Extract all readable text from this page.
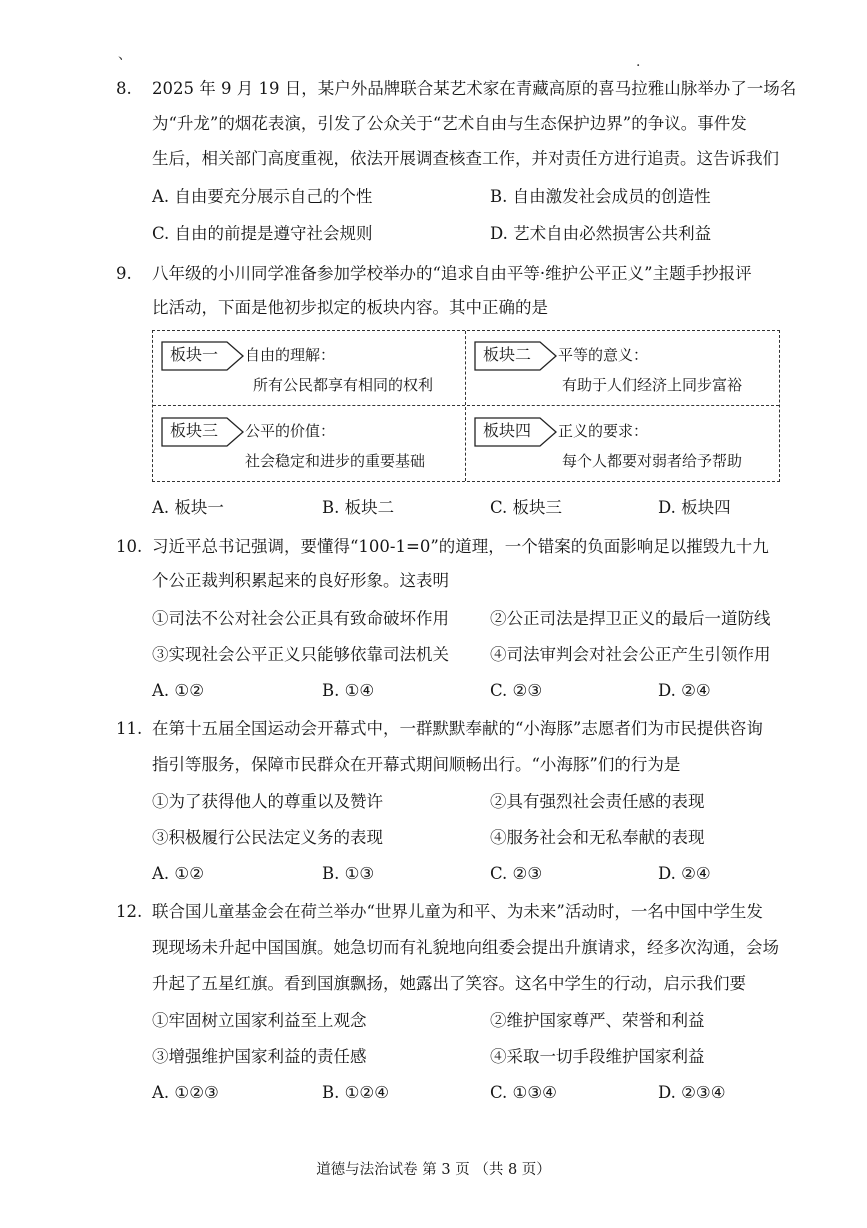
、
·
8. 2025 年 9 月 19 日，某户外品牌联合某艺术家在青藏高原的喜马拉雅山脉举办了一场名
为“升龙”的烟花表演，引发了公众关于“艺术自由与生态保护边界”的争议。事件发
生后，相关部门高度重视，依法开展调查核查工作，并对责任方进行追责。这告诉我们
A. 自由要充分展示自己的个性	B. 自由激发社会成员的创造性
C. 自由的前提是遵守社会规则	D. 艺术自由必然损害公共利益
9. 八年级的小川同学准备参加学校举办的“追求自由平等·维护公平正义”主题手抄报评
比活动，下面是他初步拟定的板块内容。其中正确的是
板块一 自由的理解：
所有公民都享有相同的权利
板块二 平等的意义：
有助于人们经济上同步富裕
板块三 公平的价值：
社会稳定和进步的重要基础
板块四 正义的要求：
每个人都要对弱者给予帮助
A. 板块一	B. 板块二	C. 板块三	D. 板块四
10. 习近平总书记强调，要懂得“100-1=0”的道理，一个错案的负面影响足以摧毁九十九
个公正裁判积累起来的良好形象。这表明
①司法不公对社会公正具有致命破坏作用 ②公正司法是捍卫正义的最后一道防线
③实现社会公平正义只能够依靠司法机关 ④司法审判会对社会公正产生引领作用
A. ①②	B. ①④	C. ②③	D. ②④
11. 在第十五届全国运动会开幕式中，一群默默奉献的“小海豚”志愿者们为市民提供咨询
指引等服务，保障市民群众在开幕式期间顺畅出行。“小海豚”们的行为是
①为了获得他人的尊重以及赞许	②具有强烈社会责任感的表现
③积极履行公民法定义务的表现	④服务社会和无私奉献的表现
A. ①②	B. ①③	C. ②③	D. ②④
12. 联合国儿童基金会在荷兰举办“世界儿童为和平、为未来”活动时，一名中国中学生发
现现场未升起中国国旗。她急切而有礼貌地向组委会提出升旗请求，经多次沟通，会场
升起了五星红旗。看到国旗飘扬，她露出了笑容。这名中学生的行动，启示我们要
①牢固树立国家利益至上观念	②维护国家尊严、荣誉和利益
③增强维护国家利益的责任感	④采取一切手段维护国家利益
A. ①②③	B. ①②④	C. ①③④	D. ②③④
道德与法治试卷 第 3 页 （共 8 页）
